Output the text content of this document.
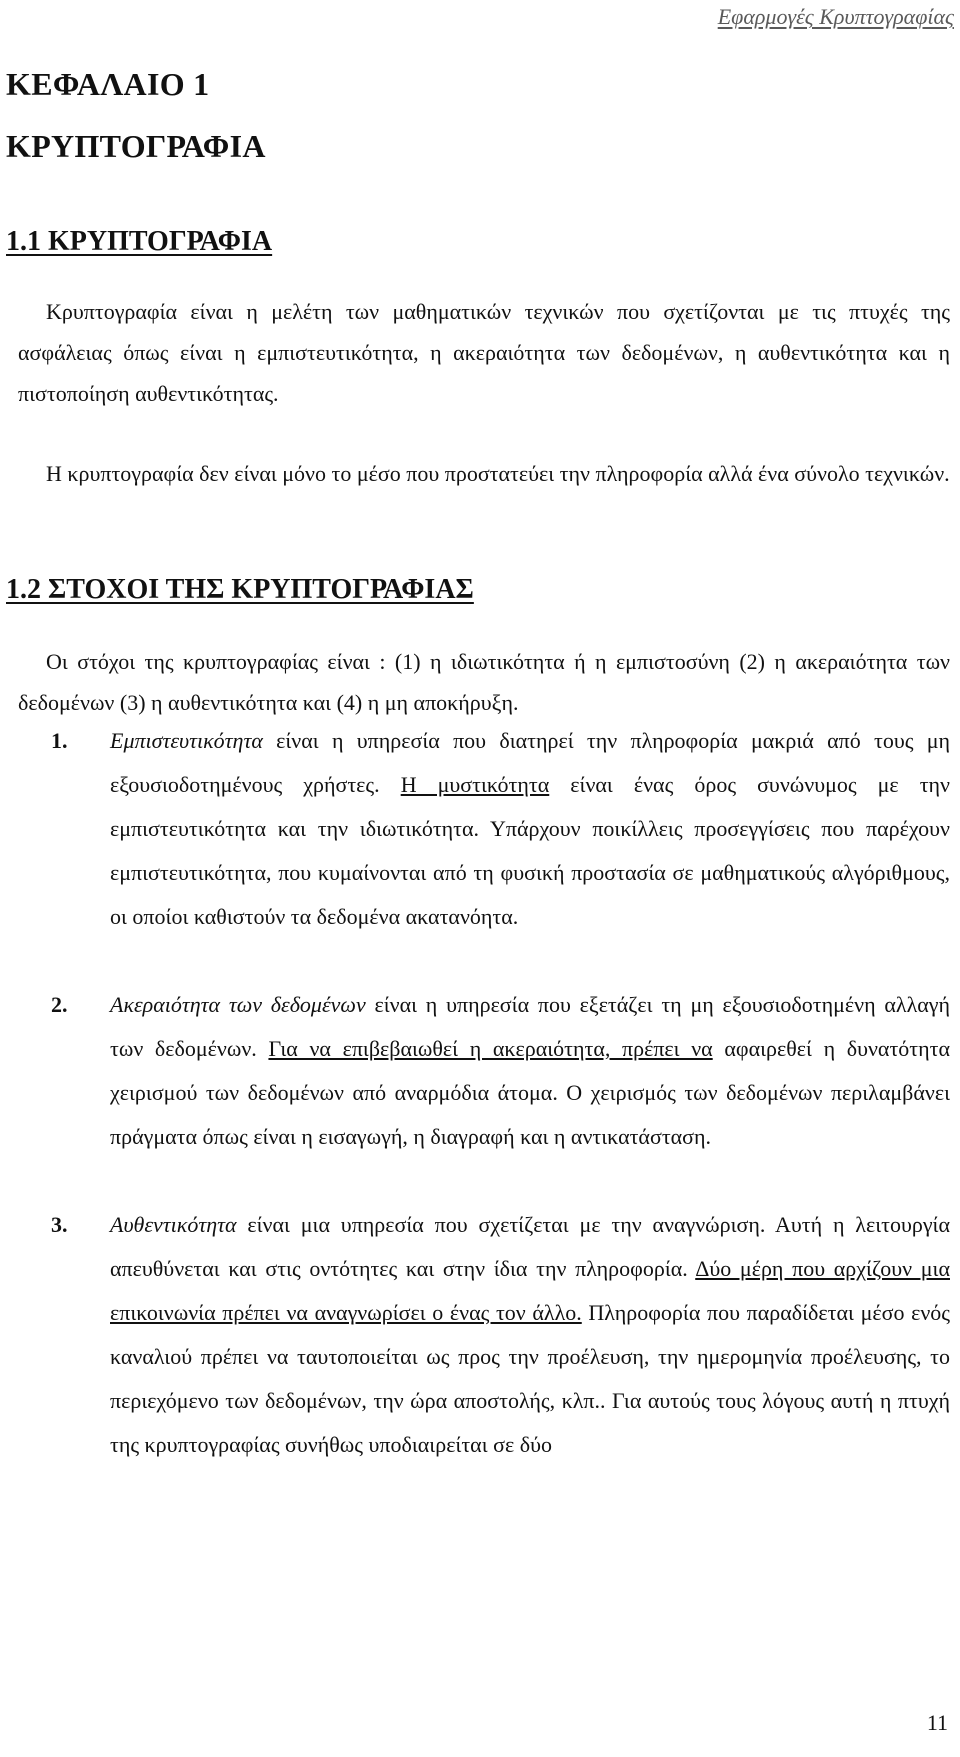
Εφαρμογές Κρυπτογραφίας
ΚΕΦΑΛΑΙΟ 1
ΚΡΥΠΤΟΓΡΑΦΙΑ
1.1 ΚΡΥΠΤΟΓΡΑΦΙΑ

Κρυπτογραφία είναι η μελέτη των μαθηματικών τεχνικών που σχετίζονται με τις πτυχές της ασφάλειας όπως είναι η εμπιστευτικότητα, η ακεραιότητα των δεδομένων, η αυθεντικότητα και η πιστοποίηση αυθεντικότητας.

Η κρυπτογραφία δεν είναι μόνο το μέσο που προστατεύει την πληροφορία αλλά ένα σύνολο τεχνικών.

1.2 ΣΤΟΧΟΙ ΤΗΣ ΚΡΥΠΤΟΓΡΑΦΙΑΣ

Οι στόχοι της κρυπτογραφίας είναι : (1) η ιδιωτικότητα ή η εμπιστοσύνη (2) η ακεραιότητα των δεδομένων (3) η αυθεντικότητα και (4) η μη αποκήρυξη.

1. Εμπιστευτικότητα είναι η υπηρεσία που διατηρεί την πληροφορία μακριά από τους μη εξουσιοδοτημένους χρήστες. Η μυστικότητα είναι ένας όρος συνώνυμος με την εμπιστευτικότητα και την ιδιωτικότητα. Υπάρχουν ποικίλλεις προσεγγίσεις που παρέχουν εμπιστευτικότητα, που κυμαίνονται από τη φυσική προστασία σε μαθηματικούς αλγόριθμους, οι οποίοι καθιστούν τα δεδομένα ακατανόητα.
2. Ακεραιότητα των δεδομένων είναι η υπηρεσία που εξετάζει τη μη εξουσιοδοτημένη αλλαγή των δεδομένων. Για να επιβεβαιωθεί η ακεραιότητα, πρέπει να αφαιρεθεί η δυνατότητα χειρισμού των δεδομένων από αναρμόδια άτομα. Ο χειρισμός των δεδομένων περιλαμβάνει πράγματα όπως είναι η εισαγωγή, η διαγραφή και η αντικατάσταση.
3. Αυθεντικότητα είναι μια υπηρεσία που σχετίζεται με την αναγνώριση. Αυτή η λειτουργία απευθύνεται και στις οντότητες και στην ίδια την πληροφορία. Δύο μέρη που αρχίζουν μια επικοινωνία πρέπει να αναγνωρίσει ο ένας τον άλλο. Πληροφορία που παραδίδεται μέσο ενός καναλιού πρέπει να ταυτοποιείται ως προς την προέλευση, την ημερομηνία προέλευσης, το περιεχόμενο των δεδομένων, την ώρα αποστολής, κλπ.. Για αυτούς τους λόγους αυτή η πτυχή της κρυπτογραφίας συνήθως υποδιαιρείται σε δύο
11
